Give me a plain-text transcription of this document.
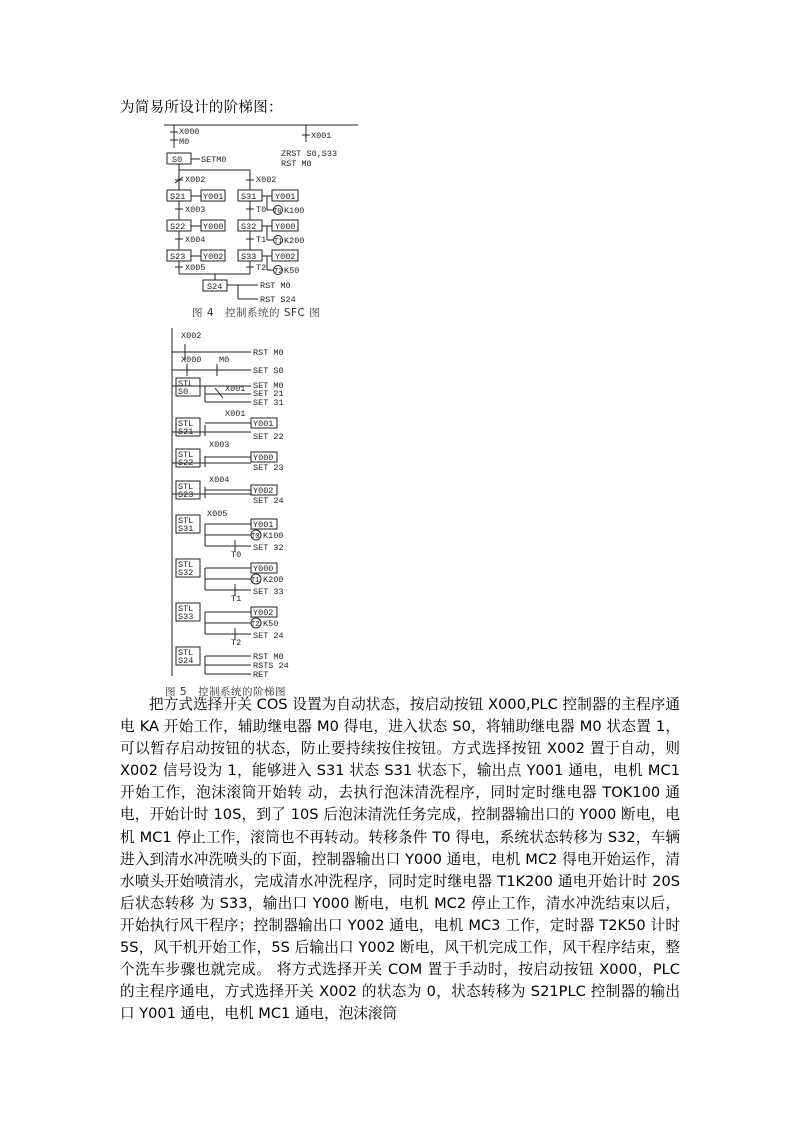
为简易所设计的阶梯图：
X000
M0
X001
ZRST S0,S33
RST M0
S0 SETM0
X002	X002
S21 Y001 S31 Y001
X003	T0 T0 K100
S22 Y000 S32 Y000
X004	T1 T1 K200
S23 Y002 S33 Y002
X005	T2 T2 K50
S24	RST M0
RST S24
图 4　控制系统的 SFC 图
X002
RST M0
X000 M0
SET S0
STL
S0	X001 SET M0
SET 21
SET 31
X001
STL
S21
Y001
SET 22
X003
STL
S22	Y000
SET 23
X004
STL
S23	Y002
SET 24
X005
STL
S31	Y001
T0 K100
T0
SET 32
STL
S32	Y000
T1 K200
T1
SET 33
STL
S33	Y002
T2 K50
T2
SET 24
STL
S24	RST M0
RSTS 24
RET
图 5　控制系统的阶梯图

把方式选择开关 COS 设置为自动状态，按启动按钮 X000,PLC 控制器的主程序通电 KA 开始工作，辅助继电器 M0 得电，进入状态 S0，将辅助继电器 M0 状态置 1，可以暂存启动按钮的状态，防止要持续按住按钮。方式选择按钮 X002 置于自动，则 X002 信号设为 1，能够进入 S31 状态 S31 状态下，输出点 Y001 通电，电机 MC1 开始工作，泡沫滚筒开始转 动，去执行泡沫清洗程序，同时定时继电器 TOK100 通电，开始计时 10S，到了 10S 后泡沫清洗任务完成，控制器输出口的 Y000 断电，电机 MC1 停止工作，滚筒也不再转动。转移条件 T0 得电，系统状态转移为 S32，车辆进入到清水冲洗喷头的下面，控制器输出口 Y000 通电，电机 MC2 得电开始运作，清水喷头开始喷清水，完成清水冲洗程序，同时定时继电器 T1K200 通电开始计时 20S 后状态转移 为 S33，输出口 Y000 断电，电机 MC2 停止工作，清水冲洗结束以后，开始执行风干程序；控制器输出口 Y002 通电，电机 MC3 工作，定时器 T2K50 计时 5S，风干机开始工作，5S 后输出口 Y002 断电，风干机完成工作，风干程序结束，整个洗车步骤也就完成。 将方式选择开关 COM 置于手动时，按启动按钮 X000，PLC 的主程序通电，方式选择开关 X002 的状态为 0，状态转移为 S21PLC 控制器的输出口 Y001 通电，电机 MC1 通电，泡沫滚筒
